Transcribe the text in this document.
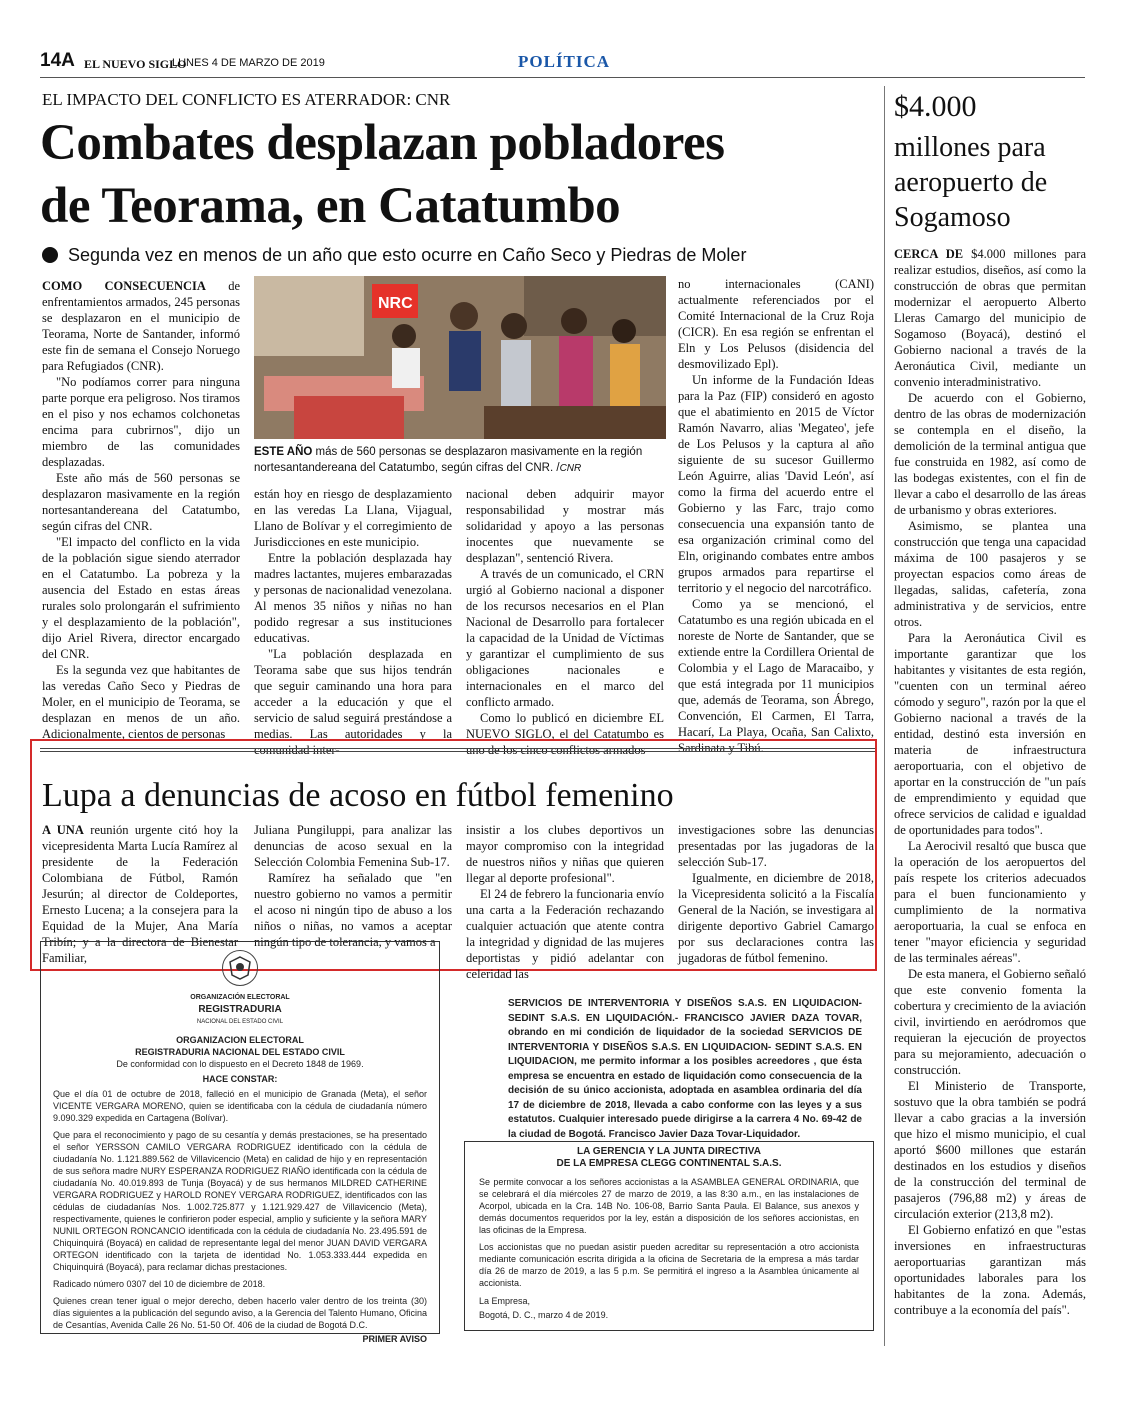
14A EL NUEVO SIGLO
LUNES 4 DE MARZO DE 2019	POLÍTICA
EL IMPACTO DEL CONFLICTO ES ATERRADOR: CNR
Combates desplazan pobladores
de Teorama, en Catatumbo
Segunda vez en menos de un año que esto ocurre en Caño Seco y Piedras de Moler

COMO CONSECUENCIA de enfrentamientos armados, 245 personas se desplazaron en el municipio de Teorama, Norte de Santander, informó este fin de semana el Consejo Noruego para Refugiados (CNR).

"No podíamos correr para ninguna parte porque era peligroso. Nos tiramos en el piso y nos echamos colchonetas encima para cubrirnos", dijo un miembro de las comunidades desplazadas.

Este año más de 560 personas se desplazaron masivamente en la región nortesantandereana del Catatumbo, según cifras del CNR.

"El impacto del conflicto en la vida de la población sigue siendo aterrador en el Catatumbo. La pobreza y la ausencia del Estado en estas áreas rurales solo prolongarán el sufrimiento y el desplazamiento de la población", dijo Ariel Rivera, director encargado del CNR.

Es la segunda vez que habitantes de las veredas Caño Seco y Piedras de Moler, en el municipio de Teorama, se desplazan en menos de un año. Adicionalmente, cientos de personas

NRC
ESTE AÑO más de 560 personas se desplazaron masivamente en la región nortesantandereana del Catatumbo, según cifras del CNR. /CNR

están hoy en riesgo de desplazamiento en las veredas La Llana, Vijagual, Llano de Bolívar y el corregimiento de Jurisdicciones en este municipio.

Entre la población desplazada hay madres lactantes, mujeres embarazadas y personas de nacionalidad venezolana. Al menos 35 niños y niñas no han podido regresar a sus instituciones educativas.

"La población desplazada en Teorama sabe que sus hijos tendrán que seguir caminando una hora para acceder a la educación y que el servicio de salud seguirá prestándose a medias. Las autoridades y la comunidad inter-

nacional deben adquirir mayor responsabilidad y mostrar más solidaridad y apoyo a las personas inocentes que nuevamente se desplazan", sentenció Rivera.

A través de un comunicado, el CRN urgió al Gobierno nacional a disponer de los recursos necesarios en el Plan Nacional de Desarrollo para fortalecer la capacidad de la Unidad de Víctimas y garantizar el cumplimiento de sus obligaciones nacionales e internacionales en el marco del conflicto armado.

Como lo publicó en diciembre EL NUEVO SIGLO, el del Catatumbo es uno de los cinco conflictos armados

no internacionales (CANI) actualmente referenciados por el Comité Internacional de la Cruz Roja (CICR). En esa región se enfrentan el Eln y Los Pelusos (disidencia del desmovilizado Epl).

Un informe de la Fundación Ideas para la Paz (FIP) consideró en agosto que el abatimiento en 2015 de Víctor Ramón Navarro, alias 'Megateo', jefe de Los Pelusos y la captura al año siguiente de su sucesor Guillermo León Aguirre, alias 'David León', así como la firma del acuerdo entre el Gobierno y las Farc, trajo como consecuencia una expansión tanto de esa organización criminal como del Eln, originando combates entre ambos grupos armados para repartirse el territorio y el negocio del narcotráfico.

Como ya se mencionó, el Catatumbo es una región ubicada en el noreste de Norte de Santander, que se extiende entre la Cordillera Oriental de Colombia y el Lago de Maracaibo, y que está integrada por 11 municipios que, además de Teorama, son Ábrego, Convención, El Carmen, El Tarra, Hacarí, La Playa, Ocaña, San Calixto, Sardinata y Tibú.

Lupa a denuncias de acoso en fútbol femenino

A UNA reunión urgente citó hoy la vicepresidenta Marta Lucía Ramírez al presidente de la Federación Colombiana de Fútbol, Ramón Jesurún; al director de Coldeportes, Ernesto Lucena; a la consejera para la Equidad de la Mujer, Ana María Tribín; y a la directora de Bienestar Familiar,

Juliana Pungiluppi, para analizar las denuncias de acoso sexual en la Selección Colombia Femenina Sub-17.

Ramírez ha señalado que "en nuestro gobierno no vamos a permitir el acoso ni ningún tipo de abuso a los niños o niñas, no vamos a aceptar ningún tipo de tolerancia, y vamos a

insistir a los clubes deportivos un mayor compromiso con la integridad de nuestros niños y niñas que quieren llegar al deporte profesional".

El 24 de febrero la funcionaria envío una carta a la Federación rechazando cualquier actuación que atente contra la integridad y dignidad de las mujeres deportistas y pidió adelantar con celeridad las

investigaciones sobre las denuncias presentadas por las jugadoras de la selección Sub-17.

Igualmente, en diciembre de 2018, la Vicepresidenta solicitó a la Fiscalía General de la Nación, se investigara al dirigente deportivo Gabriel Camargo por sus declaraciones contra las jugadoras de fútbol femenino.

$4.000
millones para aeropuerto de Sogamoso

CERCA DE $4.000 millones para realizar estudios, diseños, así como la construcción de obras que permitan modernizar el aeropuerto Alberto Lleras Camargo del municipio de Sogamoso (Boyacá), destinó el Gobierno nacional a través de la Aeronáutica Civil, mediante un convenio interadministrativo.

De acuerdo con el Gobierno, dentro de las obras de modernización se contempla en el diseño, la demolición de la terminal antigua que fue construida en 1982, así como de las bodegas existentes, con el fin de llevar a cabo el desarrollo de las áreas de urbanismo y obras exteriores.

Asimismo, se plantea una construcción que tenga una capacidad máxima de 100 pasajeros y se proyectan espacios como áreas de llegadas, salidas, cafetería, zona administrativa y de servicios, entre otros.

Para la Aeronáutica Civil es importante garantizar que los habitantes y visitantes de esta región, "cuenten con un terminal aéreo cómodo y seguro", razón por la que el Gobierno nacional a través de la entidad, destinó esta inversión en materia de infraestructura aeroportuaria, con el objetivo de aportar en la construcción de "un país de emprendimiento y equidad que ofrece servicios de calidad e igualdad de oportunidades para todos".

La Aerocivil resaltó que busca que la operación de los aeropuertos del país respete los criterios adecuados para el buen funcionamiento y cumplimiento de la normativa aeroportuaria, la cual se enfoca en tener "mayor eficiencia y seguridad de las terminales aéreas".

De esta manera, el Gobierno señaló que este convenio fomenta la cobertura y crecimiento de la aviación civil, invirtiendo en aeródromos que requieran la ejecución de proyectos para su mejoramiento, adecuación o construcción.

El Ministerio de Transporte, sostuvo que la obra también se podrá llevar a cabo gracias a la inversión que hizo el mismo municipio, el cual aportó $600 millones que estarán destinados en los estudios y diseños de la construcción del terminal de pasajeros (796,88 m2) y áreas de circulación exterior (213,8 m2).

El Gobierno enfatizó en que "estas inversiones en infraestructuras aeroportuarias garantizan más oportunidades laborales para los habitantes de la zona. Además, contribuye a la economía del país".

ORGANIZACIÓN ELECTORAL
REGISTRADURIA
NACIONAL DEL ESTADO CIVIL
ORGANIZACION ELECTORAL
REGISTRADURIA NACIONAL DEL ESTADO CIVIL
De conformidad con lo dispuesto en el Decreto 1848 de 1969.
HACE CONSTAR:

Que el día 01 de octubre de 2018, falleció en el municipio de Granada (Meta), el señor VICENTE VERGARA MORENO, quien se identificaba con la cédula de ciudadanía número 9.090.329 expedida en Cartagena (Bolívar).

Que para el reconocimiento y pago de su cesantía y demás prestaciones, se ha presentado el señor YERSSON CAMILO VERGARA RODRIGUEZ identificado con la cédula de ciudadanía No. 1.121.889.562 de Villavicencio (Meta) en calidad de hijo y en representación de sus señora madre NURY ESPERANZA RODRIGUEZ RIAÑO identificada con la cédula de ciudadanía No. 40.019.893 de Tunja (Boyacá) y de sus hermanos MILDRED CATHERINE VERGARA RODRIGUEZ y HAROLD RONEY VERGARA RODRIGUEZ, identificados con las cédulas de ciudadanías Nos. 1.002.725.877 y 1.121.929.427 de Villavicencio (Meta), respectivamente, quienes le confirieron poder especial, amplio y suficiente y la señora MARY NUNIL ORTEGON RONCANCIO identificada con la cédula de ciudadanía No. 23.495.591 de Chiquinquirá (Boyacá) en calidad de representante legal del menor JUAN DAVID VERGARA ORTEGON identificado con la tarjeta de identidad No. 1.053.333.444 expedida en Chiquinquirá (Boyacá), para reclamar dichas prestaciones.

Radicado número 0307 del 10 de diciembre de 2018.

Quienes crean tener igual o mejor derecho, deben hacerlo valer dentro de los treinta (30) días siguientes a la publicación del segundo aviso, a la Gerencia del Talento Humano, Oficina de Cesantías, Avenida Calle 26 No. 51-50 Of. 406 de la ciudad de Bogotá D.C.

PRIMER AVISO

SERVICIOS DE INTERVENTORIA Y DISEÑOS S.A.S. EN LIQUIDACION- SEDINT S.A.S. EN LIQUIDACIÓN.- FRANCISCO JAVIER DAZA TOVAR, obrando en mi condición de liquidador de la sociedad SERVICIOS DE INTERVENTORIA Y DISEÑOS S.A.S. EN LIQUIDACION- SEDINT S.A.S. EN LIQUIDACION, me permito informar a los posibles acreedores , que ésta empresa se encuentra en estado de liquidación como consecuencia de la decisión de su único accionista, adoptada en asamblea ordinaria del día 17 de diciembre de 2018, llevada a cabo conforme con las leyes y a sus estatutos. Cualquier interesado puede dirigirse a la carrera 4 No. 69-42 de la ciudad de Bogotá. Francisco Javier Daza Tovar-Liquidador.

LA GERENCIA Y LA JUNTA DIRECTIVA
DE LA EMPRESA CLEGG CONTINENTAL S.A.S.

Se permite convocar a los señores accionistas a la ASAMBLEA GENERAL ORDINARIA, que se celebrará el día miércoles 27 de marzo de 2019, a las 8:30 a.m., en las instalaciones de Acorpol, ubicada en la Cra. 14B No. 106-08, Barrio Santa Paula. El Balance, sus anexos y demás documentos requeridos por la ley, están a disposición de los señores accionistas, en las oficinas de la Empresa.

Los accionistas que no puedan asistir pueden acreditar su representación a otro accionista mediante comunicación escrita dirigida a la oficina de Secretaria de la empresa a más tardar día 26 de marzo de 2019, a las 5 p.m. Se permitirá el ingreso a la Asamblea únicamente al accionista.

La Empresa,

Bogotá, D. C., marzo 4 de 2019.
